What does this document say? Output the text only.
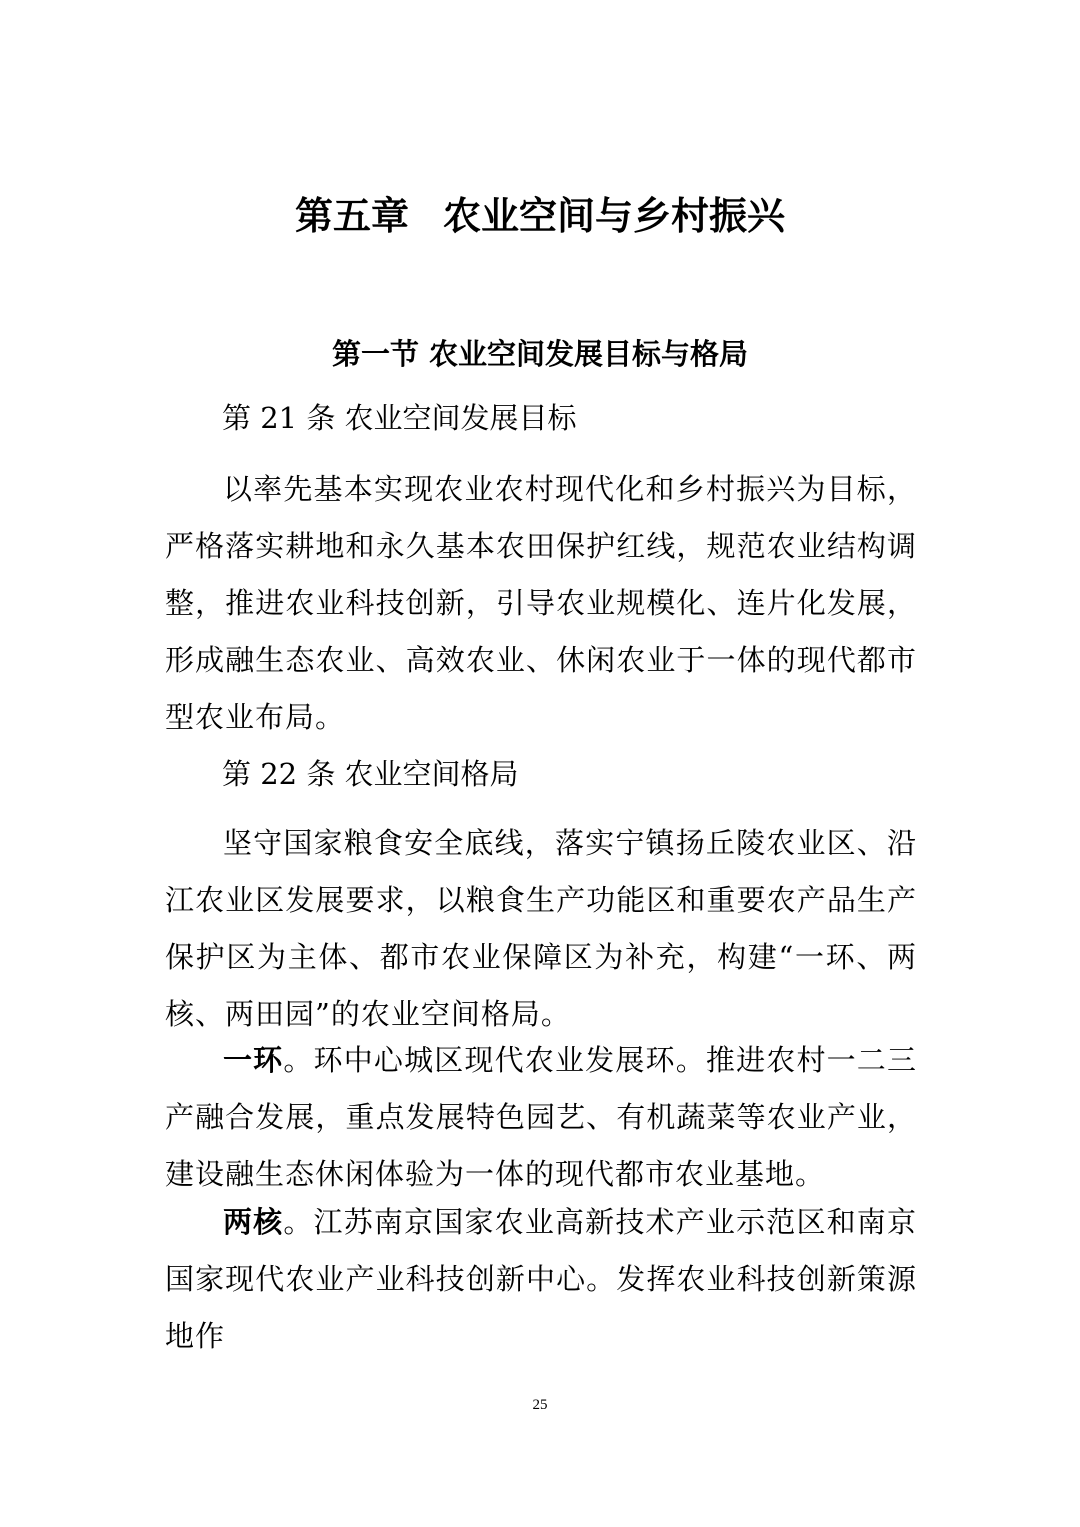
第五章 农业空间与乡村振兴
第一节 农业空间发展目标与格局

第 21 条 农业空间发展目标

以率先基本实现农业农村现代化和乡村振兴为目标，严格落实耕地和永久基本农田保护红线，规范农业结构调整，推进农业科技创新，引导农业规模化、连片化发展，形成融生态农业、高效农业、休闲农业于一体的现代都市型农业布局。

第 22 条 农业空间格局

坚守国家粮食安全底线，落实宁镇扬丘陵农业区、沿江农业区发展要求，以粮食生产功能区和重要农产品生产保护区为主体、都市农业保障区为补充，构建“一环、两核、两田园”的农业空间格局。

一环。环中心城区现代农业发展环。推进农村一二三产融合发展，重点发展特色园艺、有机蔬菜等农业产业，建设融生态休闲体验为一体的现代都市农业基地。

两核。江苏南京国家农业高新技术产业示范区和南京国家现代农业产业科技创新中心。发挥农业科技创新策源地作

25
